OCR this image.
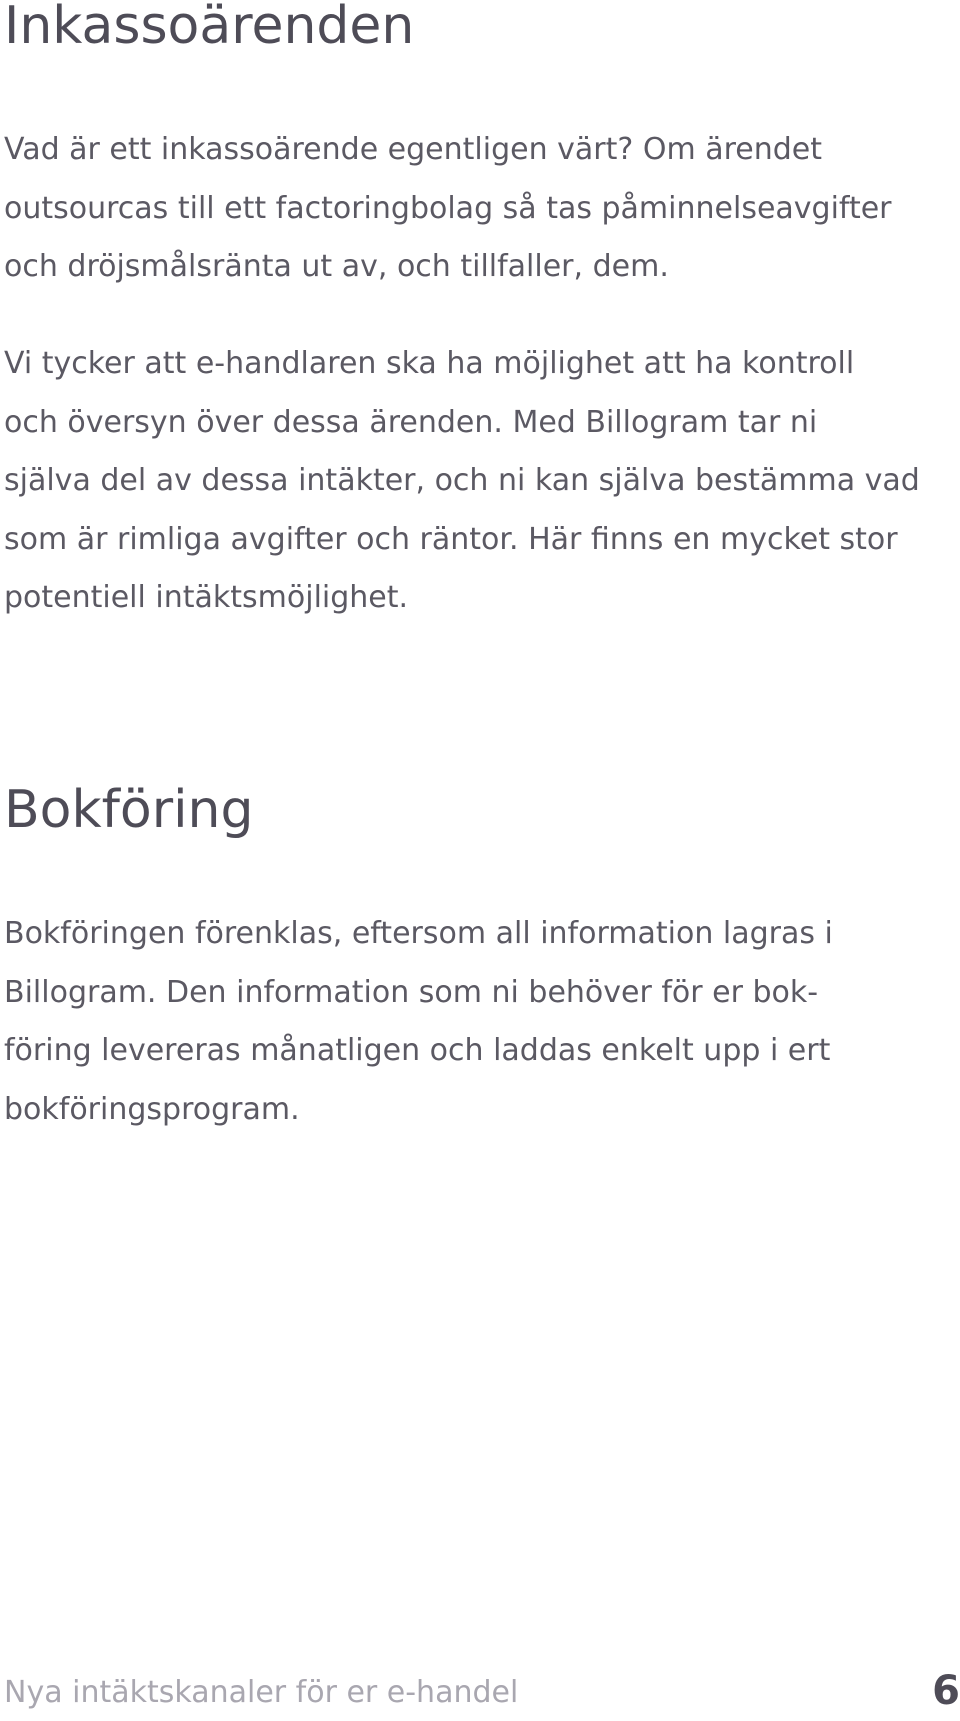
Inkassoärenden

Vad är ett inkassoärende egentligen värt? Om ärendet
outsourcas till ett factoringbolag så tas påminnelseavgifter
och dröjsmålsränta ut av, och tillfaller, dem.

Vi tycker att e-handlaren ska ha möjlighet att ha kontroll
och översyn över dessa ärenden. Med Billogram tar ni
själva del av dessa intäkter, och ni kan själva bestämma vad
som är rimliga avgifter och räntor. Här finns en mycket stor
potentiell intäktsmöjlighet.

Bokföring

Bokföringen förenklas, eftersom all information lagras i
Billogram. Den information som ni behöver för er bok-
föring levereras månatligen och laddas enkelt upp i ert
bokföringsprogram.

Nya intäktskanaler för er e-handel	6
